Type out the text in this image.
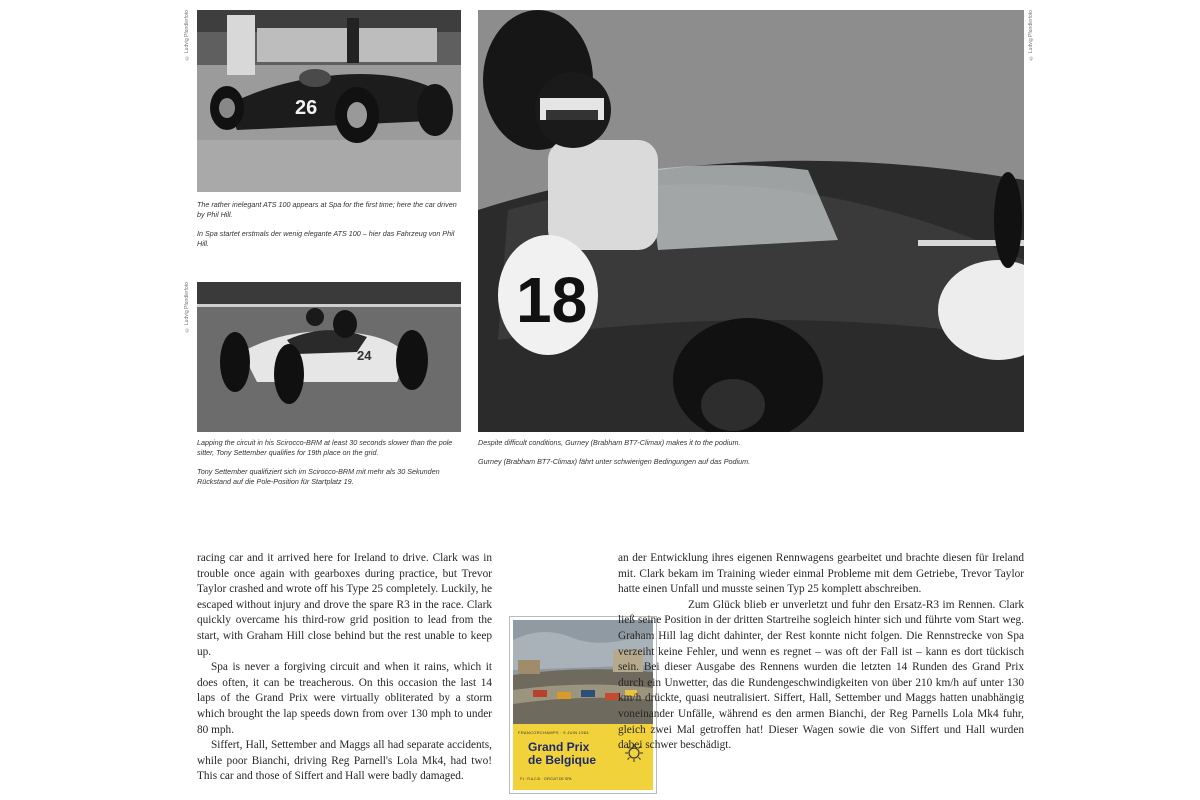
© Ludvig Pfandlerfoto
26

The rather inelegant ATS 100 appears at Spa for the first time; here the car driven by Phil Hill.

In Spa startet erstmals der wenig elegante ATS 100 – hier das Fahrzeug von Phil Hill.

© Ludvig Pfandlerfoto
24

Lapping the circuit in his Scirocco-BRM at least 30 seconds slower than the pole sitter, Tony Settember qualifies for 19th place on the grid.

Tony Settember qualifiziert sich im Scirocco-BRM mit mehr als 30 Sekunden Rückstand auf die Pole-Position für Startplatz 19.

© Ludvig Pfandlerfoto
18

Despite difficult conditions, Gurney (Brabham BT7-Climax) makes it to the podium.

Gurney (Brabham BT7-Climax) fährt unter schwierigen Bedingungen auf das Podium.

racing car and it arrived here for Ireland to drive. Clark was in trouble once again with gearboxes during practice, but Trevor Taylor crashed and wrote off his Type 25 completely. Luckily, he escaped without injury and drove the spare R3 in the race. Clark quickly overcame his third-row grid position to lead from the start, with Graham Hill close behind but the rest unable to keep up.

Spa is never a forgiving circuit and when it rains, which it does often, it can be treacherous. On this occasion the last 14 laps of the Grand Prix were virtually obliterated by a storm which brought the lap speeds down from over 130 mph to under 80 mph.

Siffert, Hall, Settember and Maggs all had separate accidents, while poor Bianchi, driving Reg Parnell's Lola Mk4, had two! This car and those of Siffert and Hall were badly damaged.

FRANCORCHAMPS · 9 JUIN 1963
Grand Prix
de Belgique
F1 · R.A.C.B. · CIRCUIT DE SPA

an der Entwicklung ihres eigenen Rennwagens gearbeitet und brachte diesen für Ireland mit. Clark bekam im Training wieder einmal Probleme mit dem Getriebe, Trevor Taylor hatte einen Unfall und musste seinen Typ 25 komplett abschreiben.

Zum Glück blieb er unverletzt und fuhr den Ersatz-R3 im Rennen. Clark ließ seine Position in der dritten Startreihe sogleich hinter sich und führte vom Start weg. Graham Hill lag dicht dahinter, der Rest konnte nicht folgen. Die Rennstrecke von Spa verzeiht keine Fehler, und wenn es regnet – was oft der Fall ist – kann es dort tückisch sein. Bei dieser Ausgabe des Rennens wurden die letzten 14 Runden des Grand Prix durch ein Unwetter, das die Rundengeschwindigkeiten von über 210 km/h auf unter 130 km/h drückte, quasi neutralisiert. Siffert, Hall, Settember und Maggs hatten unabhängig voneinander Unfälle, während es den armen Bianchi, der Reg Parnells Lola Mk4 fuhr, gleich zwei Mal getroffen hat! Dieser Wagen sowie die von Siffert und Hall wurden dabei schwer beschädigt.
